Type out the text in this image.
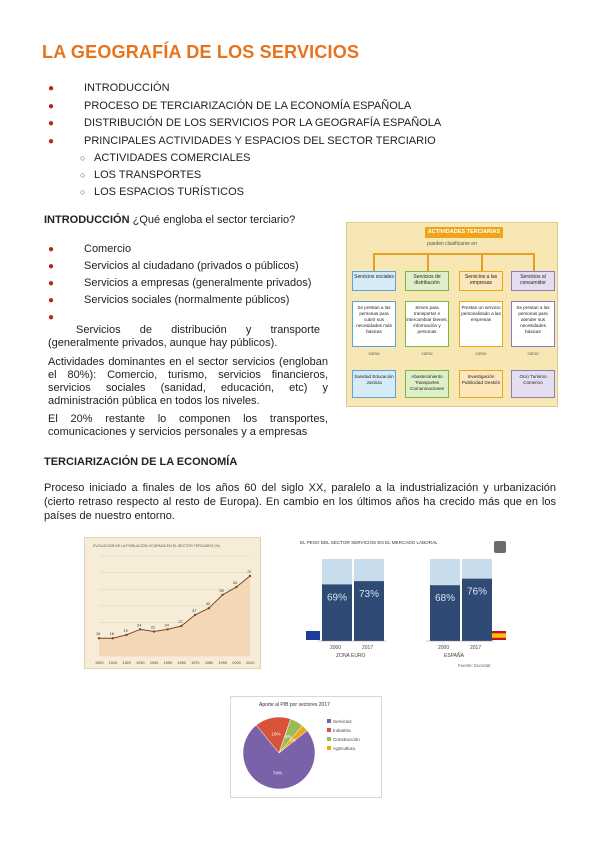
LA GEOGRAFÍA DE LOS SERVICIOS
●	INTRODUCCIÓN
●	PROCESO DE TERCIARIZACIÓN DE LA ECONOMÍA ESPAÑOLA
●	DISTRIBUCIÓN DE LOS SERVICIOS POR LA GEOGRAFÍA ESPAÑOLA
●	PRINCIPALES ACTIVIDADES Y ESPACIOS DEL SECTOR TERCIARIO
○ ACTIVIDADES COMERCIALES
○ LOS TRANSPORTES
○ LOS ESPACIOS TURÍSTICOS
INTRODUCCIÓN ¿Qué engloba el sector terciario?
●	Comercio
●	Servicios al ciudadano (privados o públicos)
●	Servicios a empresas (generalmente privados)
●	Servicios sociales (normalmente públicos)
● Servicios de distribución y transporte
(generalmente privados, aunque hay públicos).
Actividades dominantes en el sector servicios (engloban el 80%): Comercio, turismo, servicios financieros, servicios sociales (sanidad, educación, etc) y administración pública en todos los niveles.
El 20% restante lo componen los transportes, comunicaciones y servicios personales y a empresas
ACTIVIDADES TERCIARIAS
pueden clasificarse en
Servicios sociales	Servicios de distribución
Servicios a las empresas
Servicios al consumidor
Se prestan a las personas para cubrir sus necesidades más básicas
Sirven para transportar e intercambiar bienes, información y personas
Prestan un servicio personalizado a las empresas
Se prestan a las personas para atender sus necesidades básicas
como	como	como	como
Sanidad Educación Justicia
Abastecimiento Transportes Comunicaciones
Investigación Publicidad Gestión
Ocio Turismo Comercio
TERCIARIZACIÓN DE LA ECONOMÍA
Proceso iniciado a finales de los años 60 del siglo XX, paralelo a la industrialización y urbanización (cierto retraso respecto al resto de Europa). En cambio en los últimos años ha crecido más que en los países de nuestro entorno.
EVOLUCIÓN DE LA POBLACIÓN OCUPADA EN EL SECTOR TERCIARIO (%)
16
1900
16
1910
19
1920
24
1930
22
1940
24
1950
27
1960
37
1970
43
1980
55
1990
62
2000
72
2010
EL PESO DEL SECTOR SERVICIOS EN EL MERCADO LABORAL
69%
2000
73%
2017
ZONA EURO
68%
2000
76%
2017
ESPAÑA
Fuente: Eurostat
Aporte al PIB por sectores 2017
74%
Servicios
16%
Industria
6%
Construcción
3%
Agricultura
